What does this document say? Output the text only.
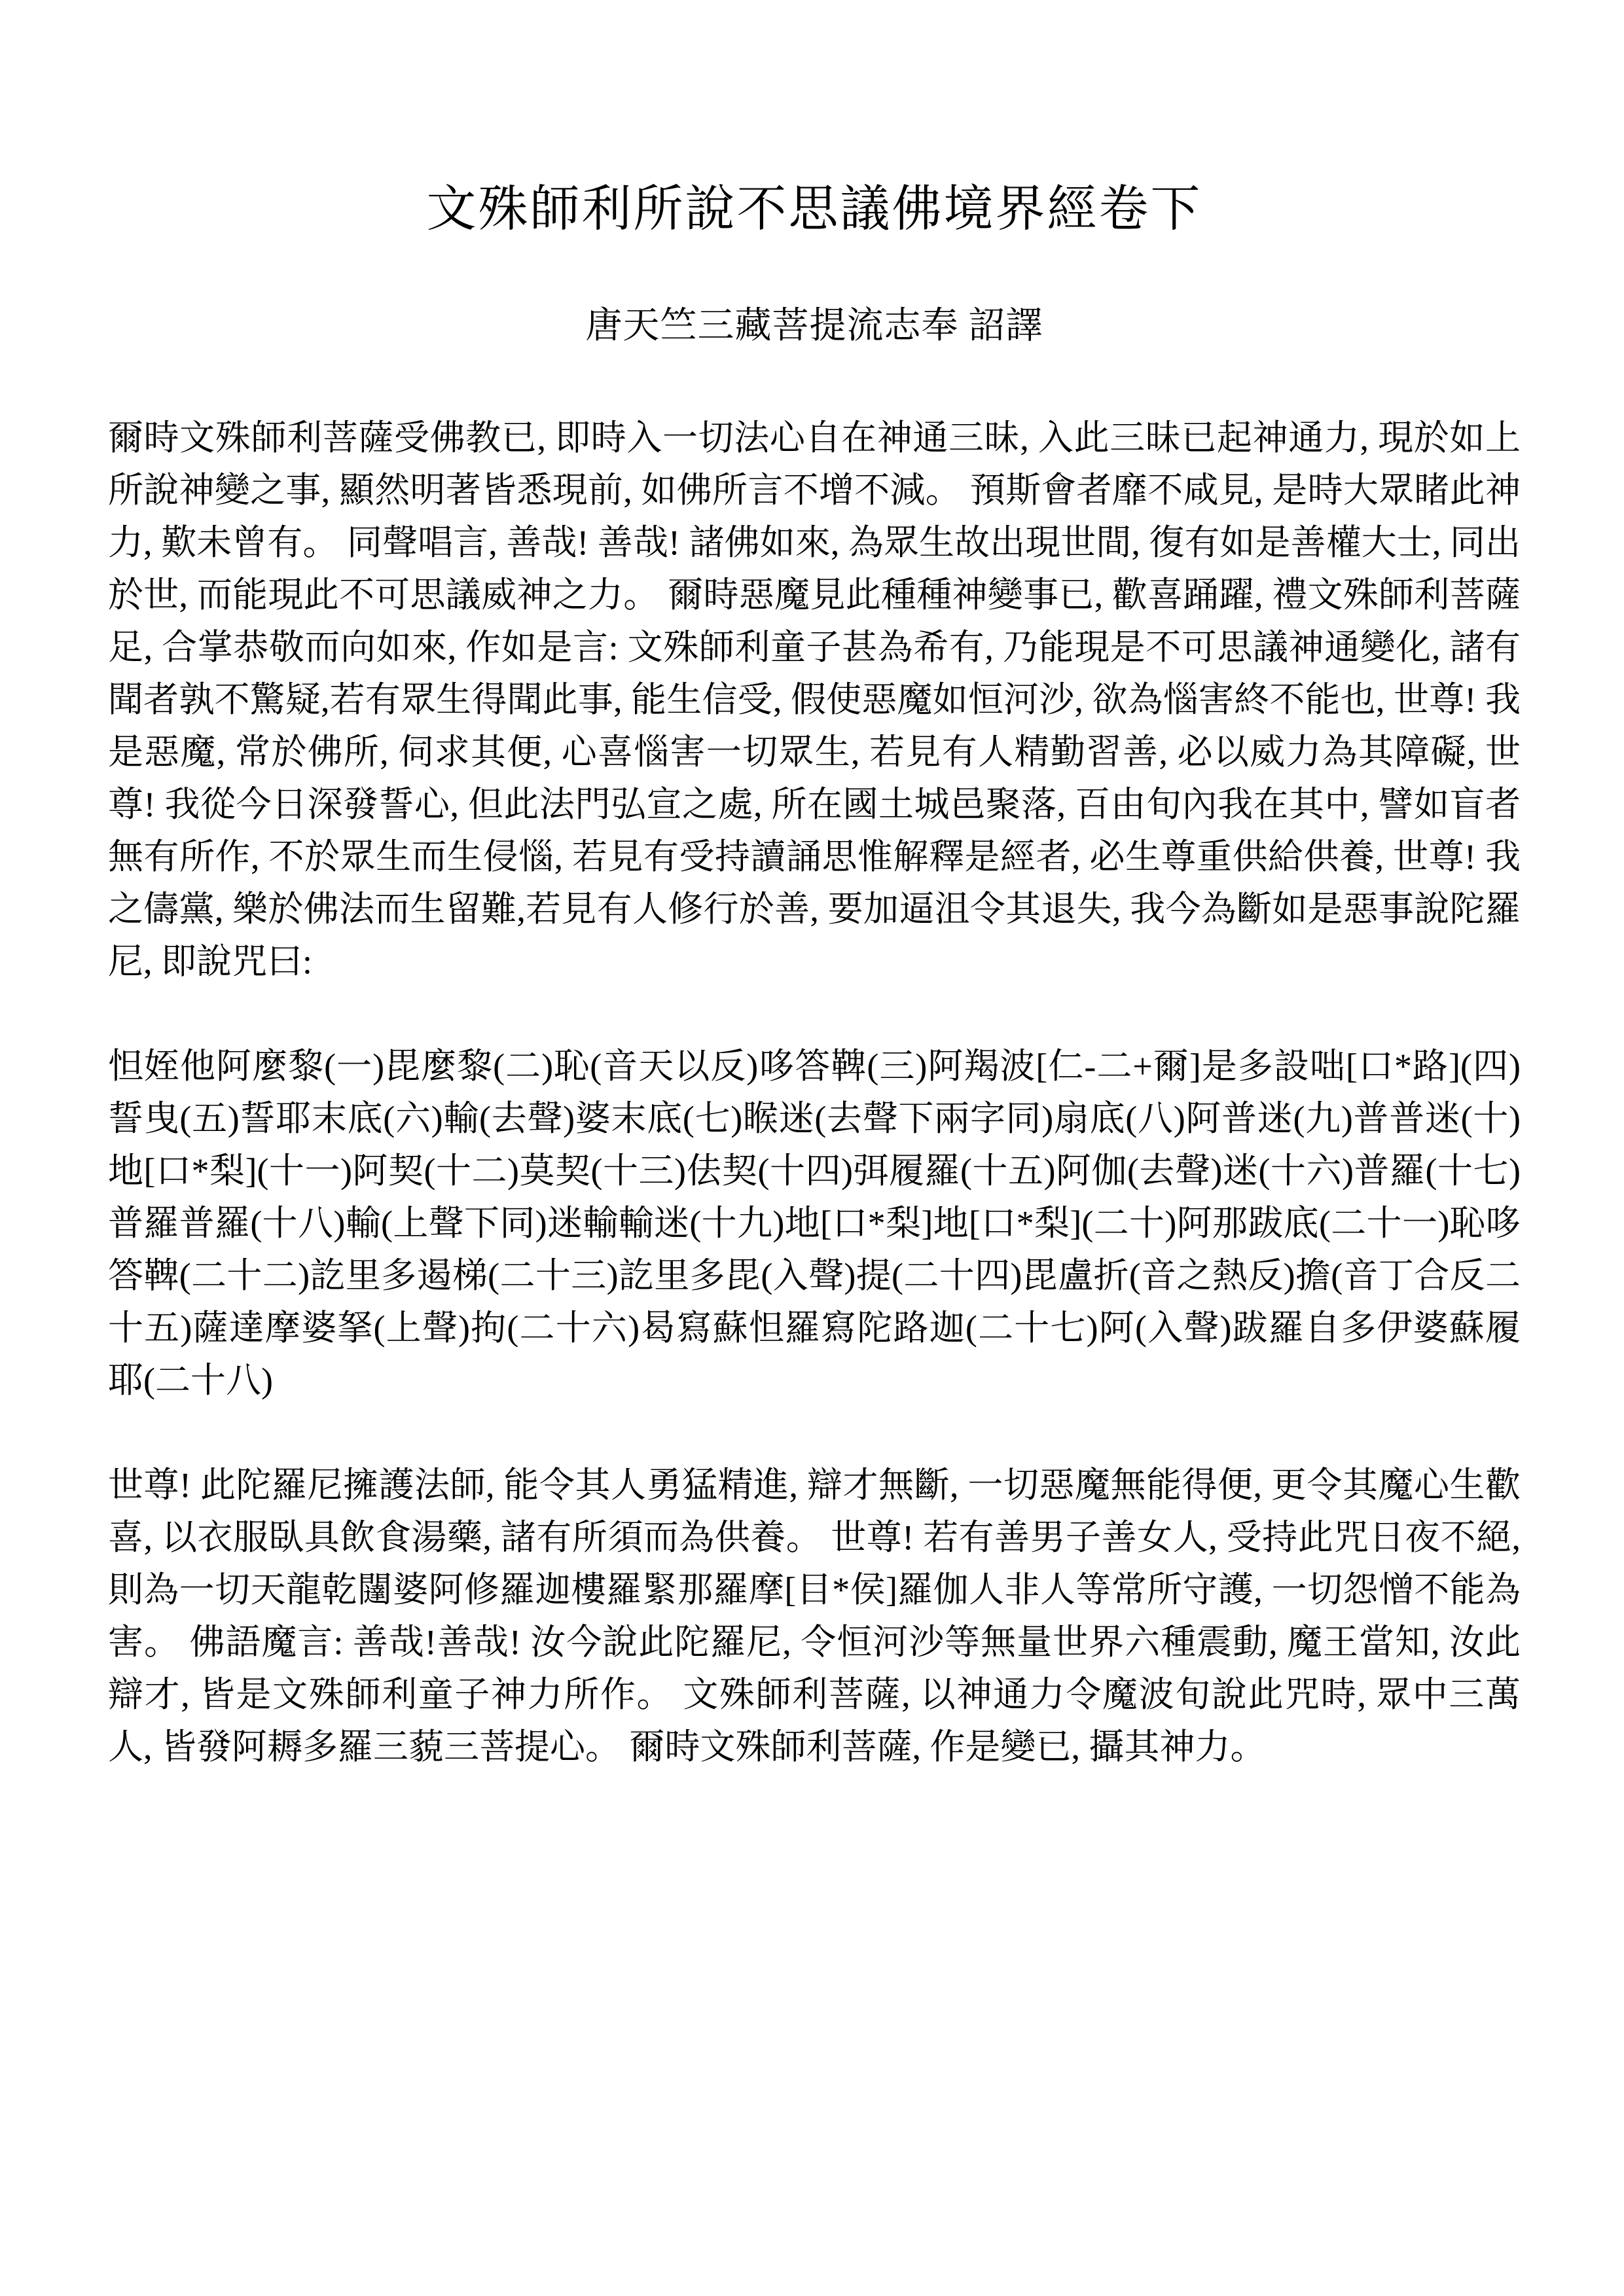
文殊師利所說不思議佛境界經卷下
唐天竺三藏菩提流志奉 詔譯

爾時文殊師利菩薩受佛教已, 即時入一切法心自在神通三昧, 入此三昧已起神通力, 現於如上所說神變之事, 顯然明著皆悉現前, 如佛所言不增不減。 預斯會者靡不咸見, 是時大眾睹此神力, 歎未曾有。 同聲唱言, 善哉! 善哉! 諸佛如來, 為眾生故出現世間, 復有如是善權大士, 同出於世, 而能現此不可思議威神之力。 爾時惡魔見此種種神變事已, 歡喜踊躍, 禮文殊師利菩薩足, 合掌恭敬而向如來, 作如是言: 文殊師利童子甚為希有, 乃能現是不可思議神通變化, 諸有聞者孰不驚疑,若有眾生得聞此事, 能生信受, 假使惡魔如恒河沙, 欲為惱害終不能也, 世尊! 我是惡魔, 常於佛所, 伺求其便, 心喜惱害一切眾生, 若見有人精勤習善, 必以威力為其障礙, 世尊! 我從今日深發誓心, 但此法門弘宣之處, 所在國土城邑聚落, 百由旬內我在其中, 譬如盲者無有所作, 不於眾生而生侵惱, 若見有受持讀誦思惟解釋是經者, 必生尊重供給供養, 世尊! 我之儔黨, 樂於佛法而生留難,若見有人修行於善, 要加逼沮令其退失, 我今為斷如是惡事說陀羅尼, 即說咒曰:

怛姪他阿麼黎(一)毘麼黎(二)恥(音天以反)哆答鞞(三)阿羯波[仁-二+爾]是多設咄[口*路](四)誓曳(五)誓耶末底(六)輸(去聲)婆末底(七)睺迷(去聲下兩字同)扇底(八)阿普迷(九)普普迷(十)地[口*梨](十一)阿契(十二)莫契(十三)佉契(十四)弭履羅(十五)阿伽(去聲)迷(十六)普羅(十七)普羅普羅(十八)輸(上聲下同)迷輸輸迷(十九)地[口*梨]地[口*梨](二十)阿那跋底(二十一)恥哆答鞞(二十二)訖里多遏梯(二十三)訖里多毘(入聲)提(二十四)毘盧折(音之熱反)擔(音丁合反二十五)薩達摩婆拏(上聲)拘(二十六)曷寫蘇怛羅寫陀路迦(二十七)阿(入聲)跋羅自多伊婆蘇履耶(二十八)

世尊! 此陀羅尼擁護法師, 能令其人勇猛精進, 辯才無斷, 一切惡魔無能得便, 更令其魔心生歡喜, 以衣服臥具飲食湯藥, 諸有所須而為供養。 世尊! 若有善男子善女人, 受持此咒日夜不絕, 則為一切天龍乾闥婆阿修羅迦樓羅緊那羅摩[目*侯]羅伽人非人等常所守護, 一切怨憎不能為害。 佛語魔言: 善哉!善哉! 汝今說此陀羅尼, 令恒河沙等無量世界六種震動, 魔王當知, 汝此辯才, 皆是文殊師利童子神力所作。 文殊師利菩薩, 以神通力令魔波旬說此咒時, 眾中三萬人, 皆發阿耨多羅三藐三菩提心。 爾時文殊師利菩薩, 作是變已, 攝其神力。
